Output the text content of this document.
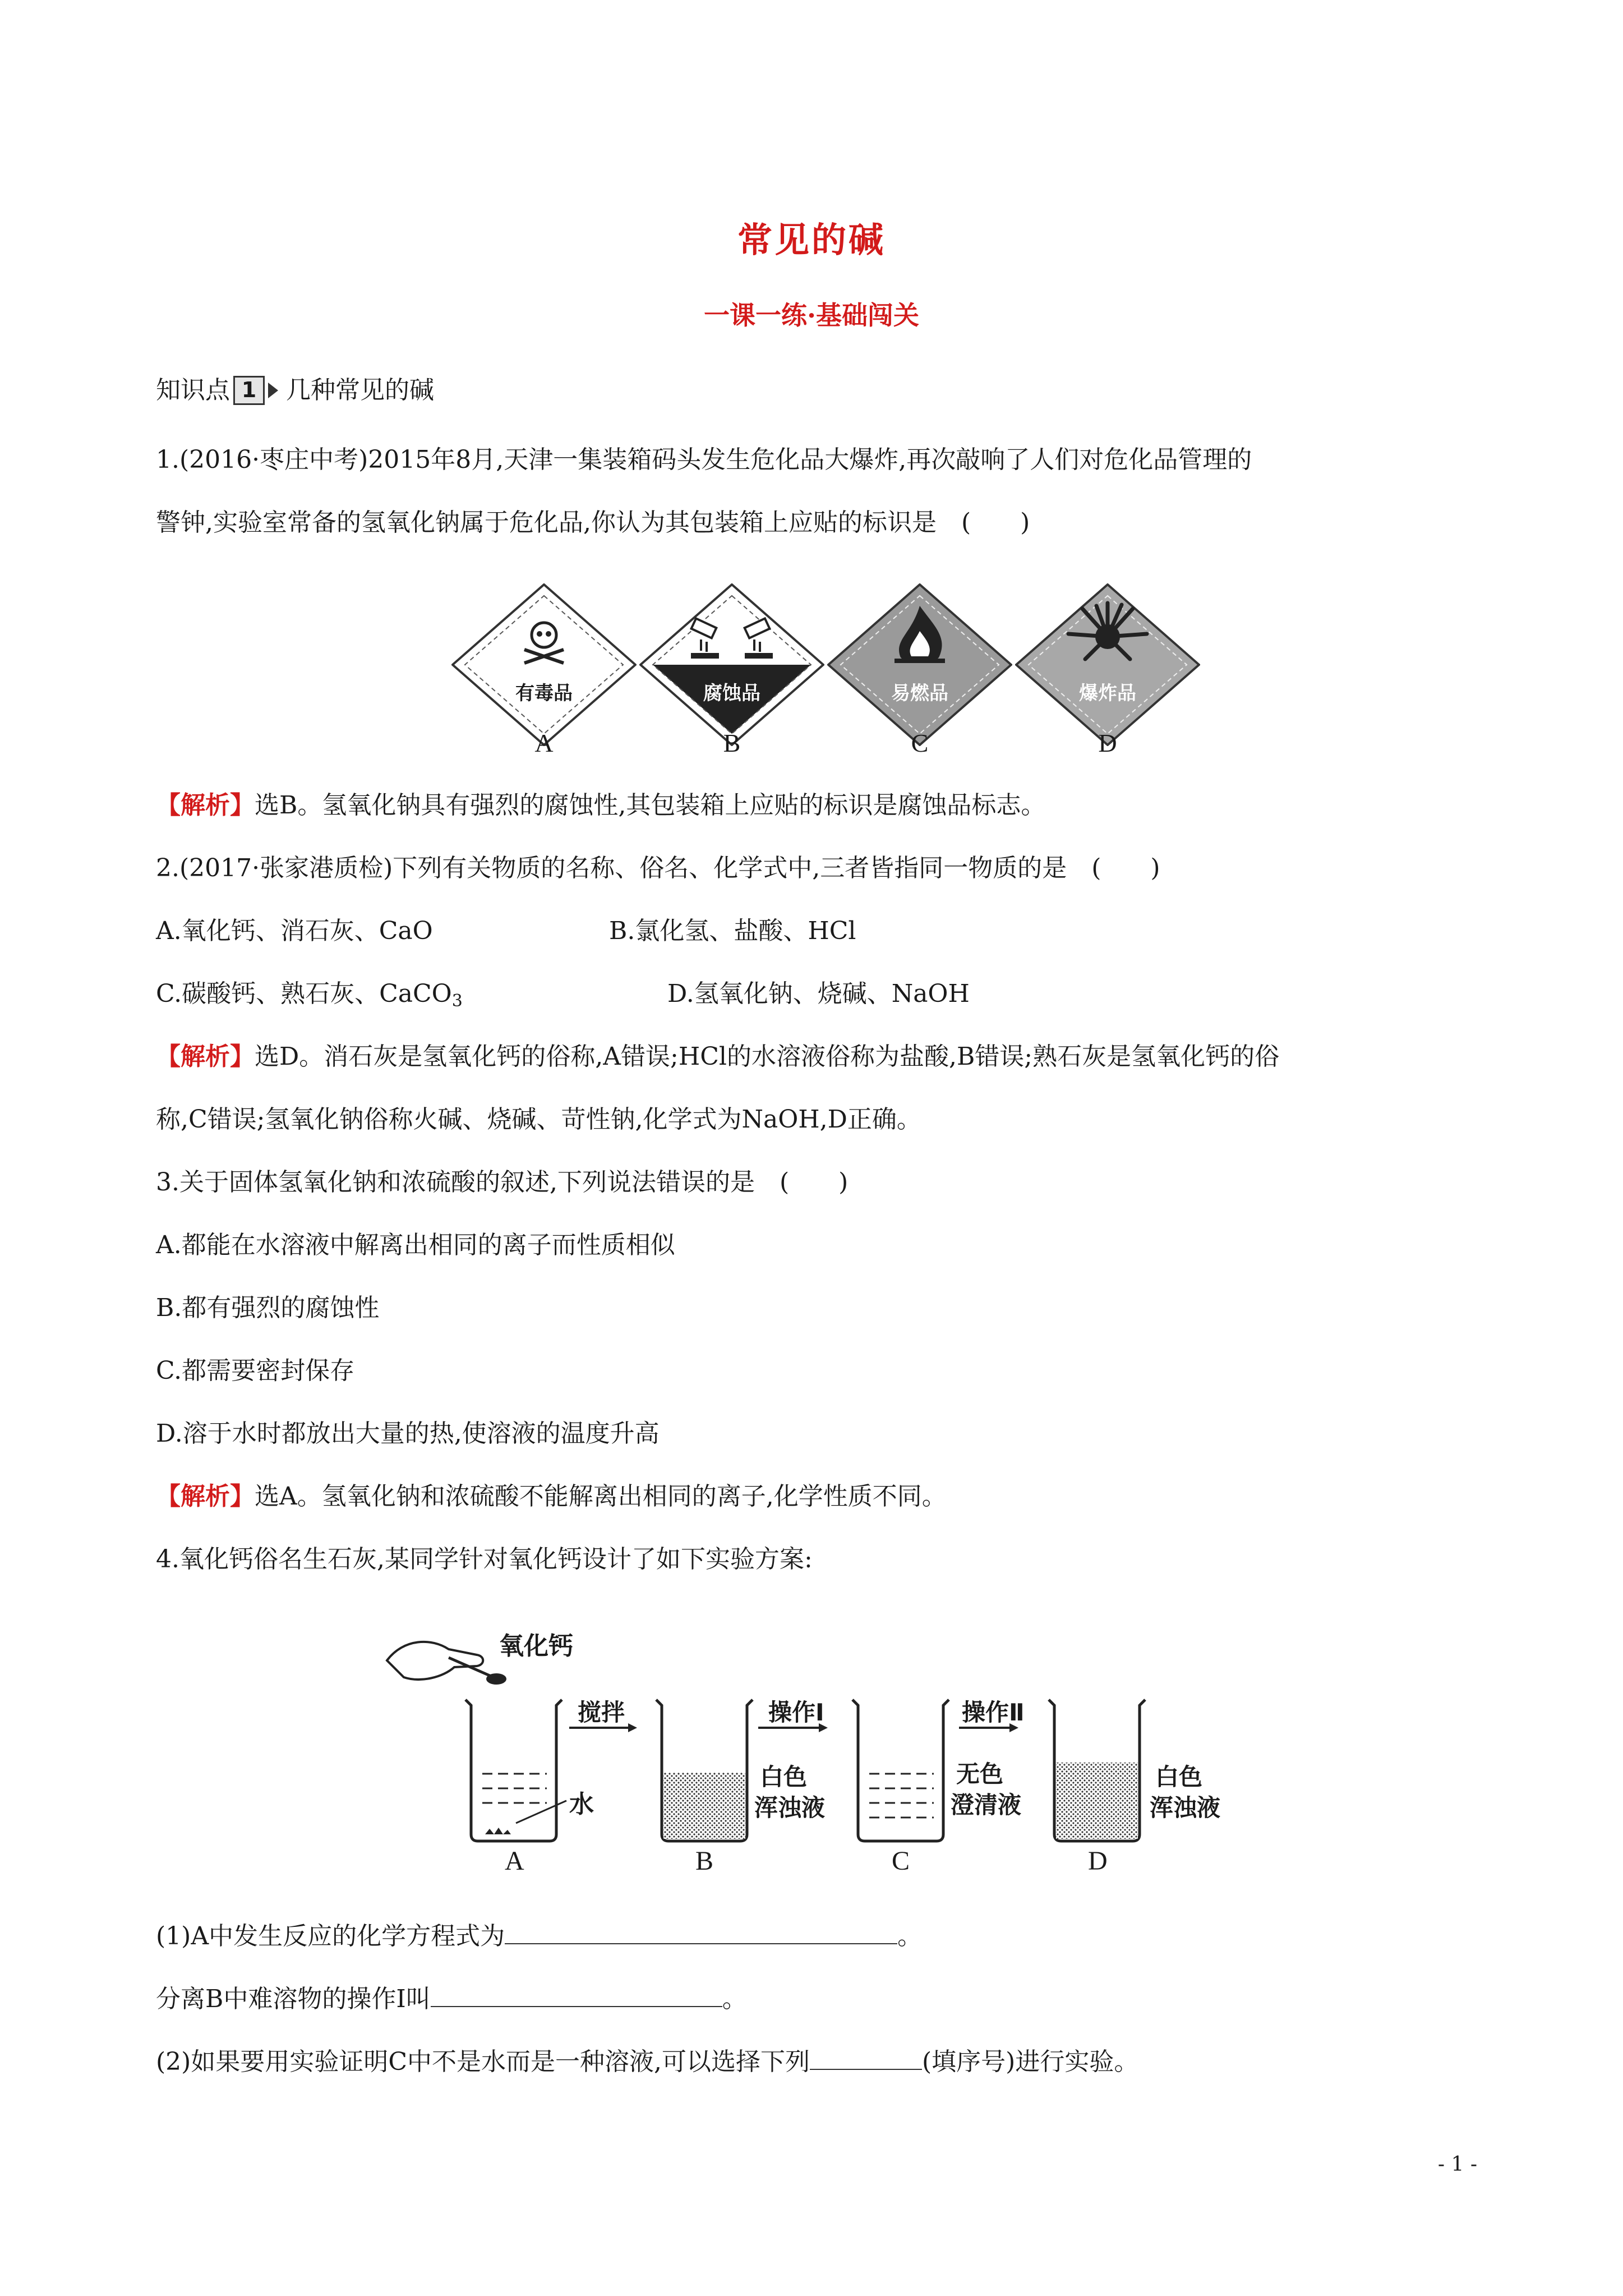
常见的碱
一课一练·基础闯关
知识点 1	几种常见的碱
1.(2016·枣庄中考)2015年8月,天津一集装箱码头发生危化品大爆炸,再次敲响了人们对危化品管理的
警钟,实验室常备的氢氧化钠属于危化品,你认为其包装箱上应贴的标识是　(　　)
有毒品
A
腐蚀品
B
易燃品
C
爆炸品
D
【解析】选B。氢氧化钠具有强烈的腐蚀性,其包装箱上应贴的标识是腐蚀品标志。
2.(2017·张家港质检)下列有关物质的名称、俗名、化学式中,三者皆指同一物质的是　(　　)
A.氧化钙、消石灰、CaO	B.氯化氢、盐酸、HCl
C.碳酸钙、熟石灰、CaCO$_3$	D.氢氧化钠、烧碱、NaOH
【解析】选D。消石灰是氢氧化钙的俗称,A错误;HCl的水溶液俗称为盐酸,B错误;熟石灰是氢氧化钙的俗
称,C错误;氢氧化钠俗称火碱、烧碱、苛性钠,化学式为NaOH,D正确。
3.关于固体氢氧化钠和浓硫酸的叙述,下列说法错误的是　(　　)
A.都能在水溶液中解离出相同的离子而性质相似
B.都有强烈的腐蚀性
C.都需要密封保存
D.溶于水时都放出大量的热,使溶液的温度升高
【解析】选A。氢氧化钠和浓硫酸不能解离出相同的离子,化学性质不同。
4.氧化钙俗名生石灰,某同学针对氧化钙设计了如下实验方案:
氧化钙
搅拌	操作Ⅰ	操作Ⅱ
水
白色
浑浊液
无色
澄清液
白色
浑浊液
A	B	C	D
(1)A中发生反应的化学方程式为	。
分离B中难溶物的操作Ⅰ叫	。
(2)如果要用实验证明C中不是水而是一种溶液,可以选择下列	(填序号)进行实验。
- 1 -
